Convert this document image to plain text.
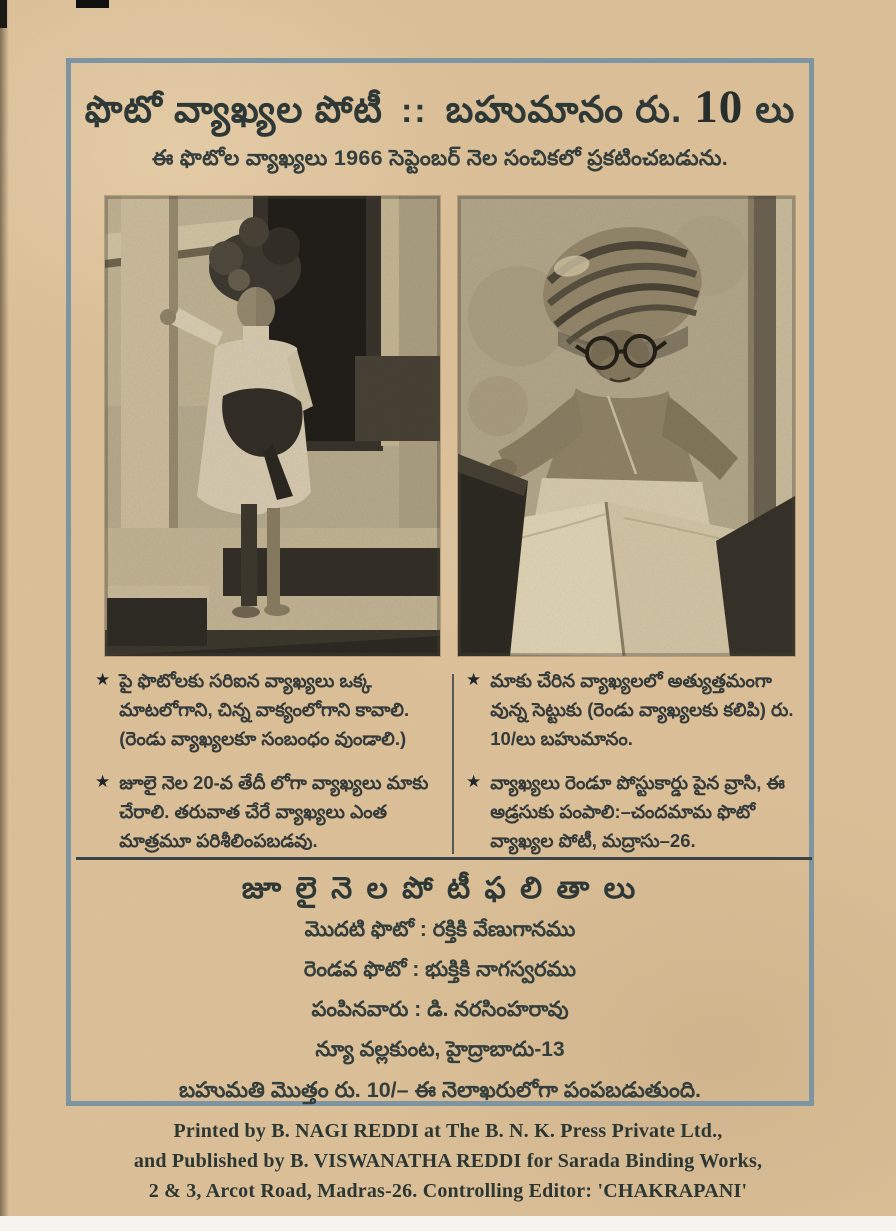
ఫొటో వ్యాఖ్యల పోటీ :: బహుమానం రు. 10 లు
ఈ ఫొటోల వ్యాఖ్యలు 1966 సెప్టెంబర్ నెల సంచికలో ప్రకటించబడును.
★ పై ఫొటోలకు సరిఐన వ్యాఖ్యలు ఒక్క మాటలోగాని, చిన్న వాక్యంలోగాని కావాలి. (రెండు వ్యాఖ్యలకూ సంబంధం వుండాలి.)
★ జూలై నెల 20-వ తేదీ లోగా వ్యాఖ్యలు మాకు చేరాలి. తరువాత చేరే వ్యాఖ్యలు ఎంత మాత్రమూ పరిశీలింపబడవు.
★ మాకు చేరిన వ్యాఖ్యలలో అత్యుత్తమంగా వున్న సెట్టుకు (రెండు వ్యాఖ్యలకు కలిపి) రు. 10/లు బహుమానం.
★ వ్యాఖ్యలు రెండూ పోస్టుకార్డు పైన వ్రాసి, ఈ అడ్రసుకు పంపాలి:–చందమామ ఫొటో వ్యాఖ్యల పోటీ, మద్రాసు–26.
జూ లై నె ల పో టీ ఫ లి తా లు
మొదటి ఫొటో : రక్తికి వేణుగానము
రెండవ ఫొటో : భుక్తికి నాగస్వరము
పంపినవారు : డి. నరసింహరావు
న్యూ వల్లకుంట, హైద్రాబాదు-13
బహుమతి మొత్తం రు. 10/– ఈ నెలాఖరులోగా పంపబడుతుంది.
Printed by B. NAGI REDDI at The B. N. K. Press Private Ltd.,
and Published by B. VISWANATHA REDDI for Sarada Binding Works,
2 & 3, Arcot Road, Madras-26. Controlling Editor: 'CHAKRAPANI'
